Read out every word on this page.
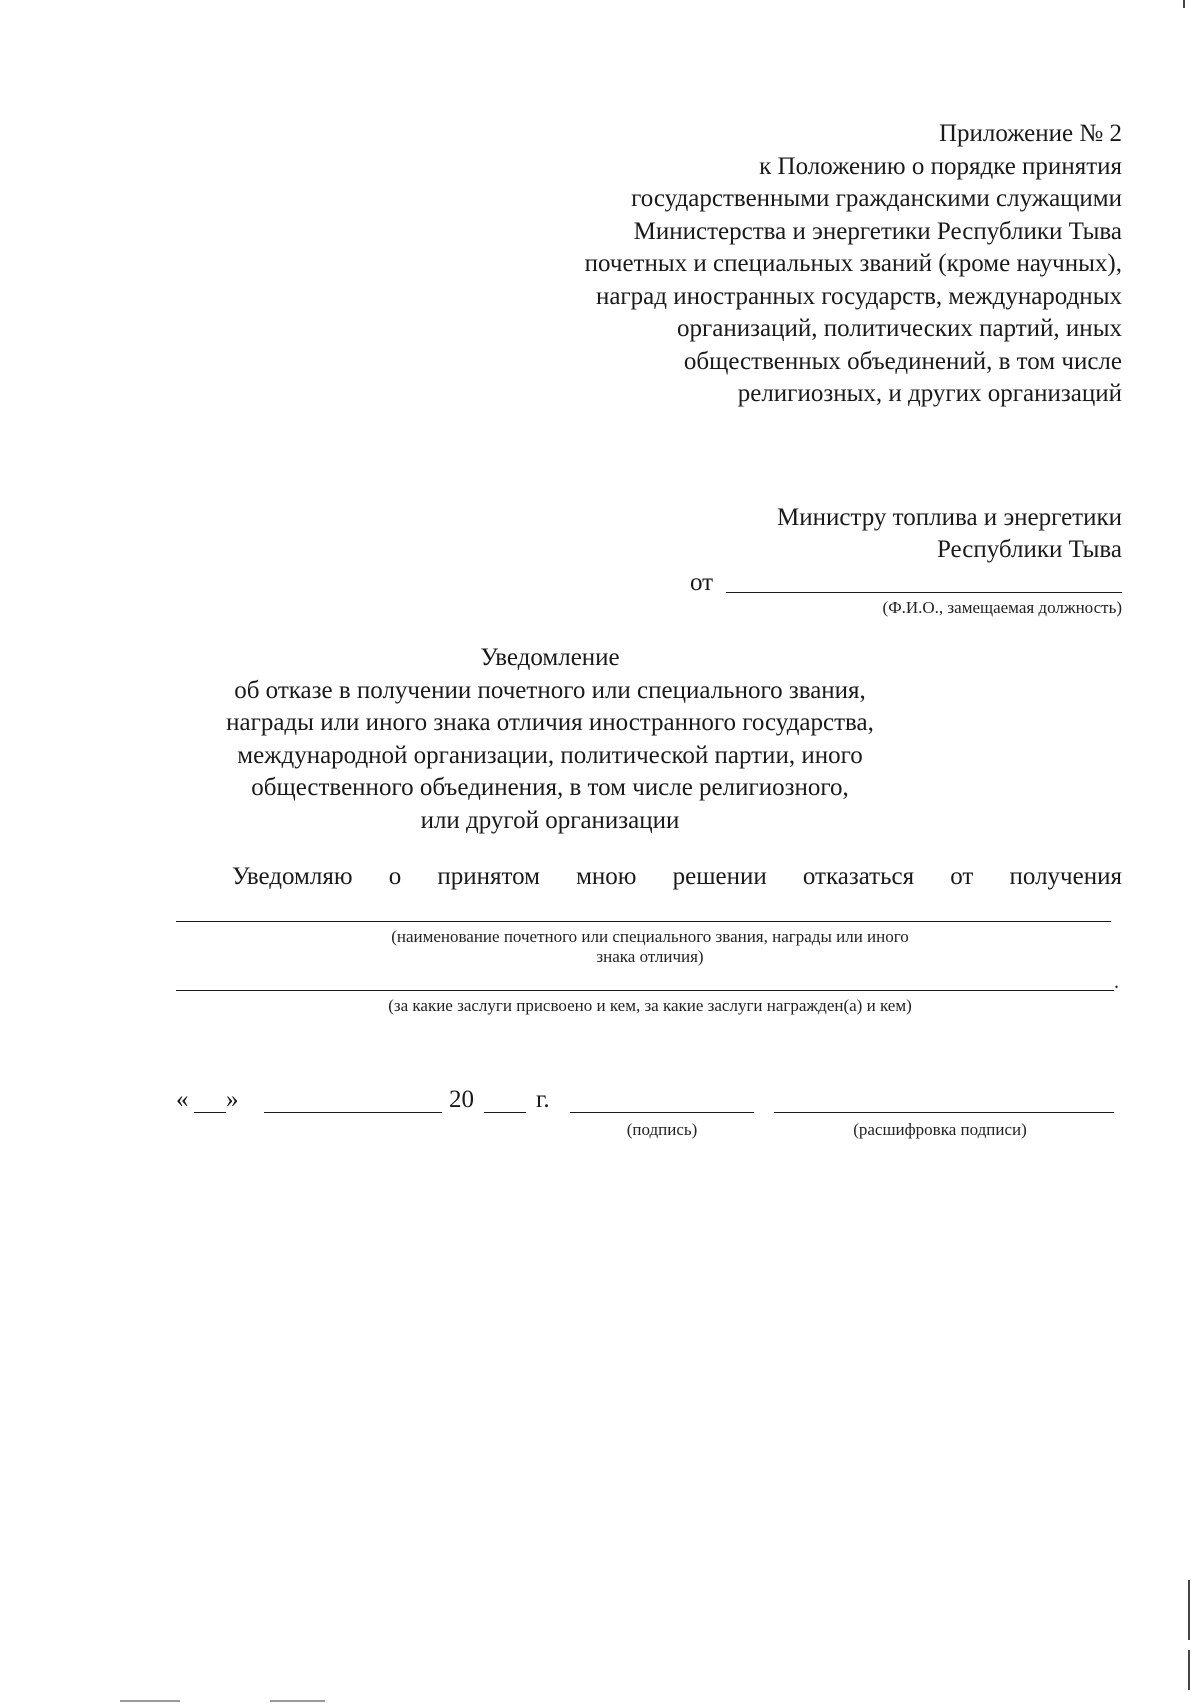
Приложение № 2
к Положению о порядке принятия
государственными гражданскими служащими
Министерства и энергетики Республики Тыва
почетных и специальных званий (кроме научных),
наград иностранных государств, международных
организаций, политических партий, иных
общественных объединений, в том числе
религиозных, и других организаций
Министру топлива и энергетики
Республики Тыва
от
(Ф.И.О., замещаемая должность)
Уведомление
об отказе в получении почетного или специального звания,
награды или иного знака отличия иностранного государства,
международной организации, политической партии, иного
общественного объединения, в том числе религиозного,
или другой организации
Уведомляю о принятом мною решении отказаться от получения
(наименование почетного или специального звания, награды или иного
знака отличия)
.
(за какие заслуги присвоено и кем, за какие заслуги награжден(а) и кем)
« »	20 г.
(подпись)	(расшифровка подписи)
